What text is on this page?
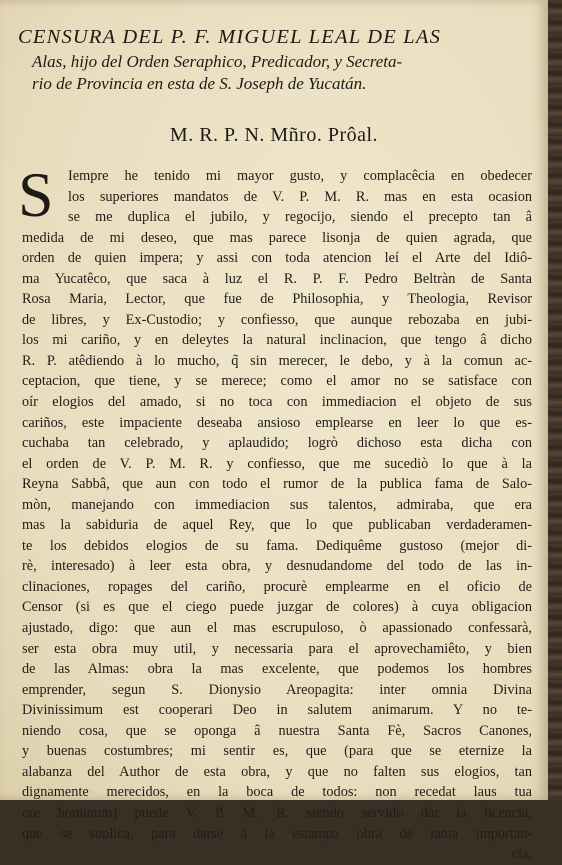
CENSURA DEL P. F. MIGUEL LEAL DE LAS
Alas, hijo del Orden Seraphico, Predicador, y Secreta-
rio de Provincia en esta de S. Joseph de Yucatán.
M. R. P. N. Mñro. Prôal.
S	Iempre he tenido mi mayor gusto, y complacêcia en obedecer
los superiores mandatos de V. P. M. R. mas en esta ocasion
se me duplica el jubilo, y regocijo, siendo el precepto tan â
medida de mi deseo, que mas parece lisonja de quien agrada, que
orden de quien impera; y assi con toda atencion leí el Arte del Idiô-
ma Yucatêco, que saca à luz el R. P. F. Pedro Beltràn de Santa
Rosa Maria, Lector, que fue de Philosophia, y Theologia, Revisor
de libres, y Ex-Custodio; y confiesso, que aunque rebozaba en jubi-
los mi cariño, y en deleytes la natural inclinacion, que tengo â dicho
R. P. atêdiendo à lo mucho, q̃ sin merecer, le debo, y à la comun ac-
ceptacion, que tiene, y se merece; como el amor no se satisface con
oír elogios del amado, si no toca con immediacion el objeto de sus
cariños, este impaciente deseaba ansioso emplearse en leer lo que es-
cuchaba tan celebrado, y aplaudido; logrò dichoso esta dicha con
el orden de V. P. M. R. y confiesso, que me sucediò lo que à la
Reyna Sabbâ, que aun con todo el rumor de la publica fama de Salo-
mòn, manejando con immediacion sus talentos, admiraba, que era
mas la sabiduria de aquel Rey, que lo que publicaban verdaderamen-
te los debidos elogios de su fama. Dediquême gustoso (mejor di-
rè, interesado) à leer esta obra, y desnudandome del todo de las in-
clinaciones, ropages del cariño, procurè emplearme en el oficio de
Censor (si es que el ciego puede juzgar de colores) à cuya obligacion
ajustado, digo: que aun el mas escrupuloso, ò apassionado confessarà,
ser esta obra muy util, y necessaria para el aprovechamiêto, y bien
de las Almas: obra la mas excelente, que podemos los hombres
emprender, segun S. Dionysio Areopagita: inter omnia Divina
Divinissimum est cooperari Deo in salutem animarum. Y no te-
niendo cosa, que se oponga â nuestra Santa Fè, Sacros Canones,
y buenas costumbres; mi sentir es, que (para que se eternize la
alabanza del Author de esta obra, y que no falten sus elogios, tan
dignamente merecidos, en la boca de todos: non recedat laus tua
ore hominum) puede V. P. M. R. siendo servido dar la licencia,
que se suplica, para darse à la estampa obra de tanta importan-
cia,
